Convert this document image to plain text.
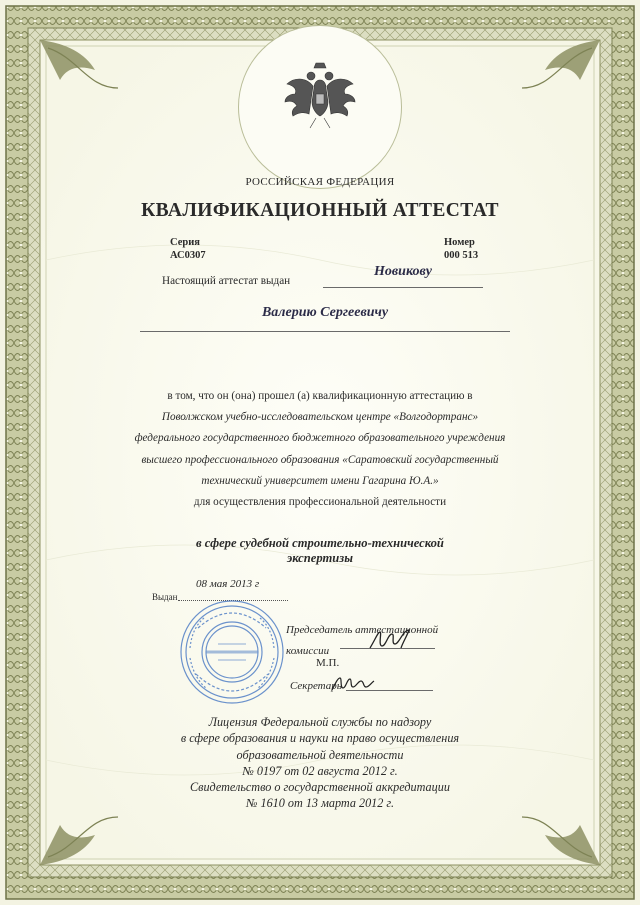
РОССИЙСКАЯ ФЕДЕРАЦИЯ
КВАЛИФИКАЦИОННЫЙ АТТЕСТАТ
Серия
АС0307
Номер
000 513
Настоящий аттестат выдан
Новикову
Валерию Сергеевичу
в том, что он (она) прошел (а) квалификационную аттестацию в
Поволжском учебно-исследовательском центре «Волгодортранс»
федерального государственного бюджетного образовательного учреждения
высшего профессионального образования «Саратовский государственный
технический университет имени Гагарина Ю.А.»
для осуществления профессиональной деятельности
в сфере судебной строительно-технической
экспертизы
08 мая 2013 г
Выдан
Председатель аттестационной
комиссии
М.П.
Секретарь
Лицензия Федеральной службы по надзору
в сфере образования и науки на право осуществления
образовательной деятельности
№ 0197 от 02 августа 2012 г.
Свидетельство о государственной аккредитации
№ 1610 от 13 марта 2012 г.
